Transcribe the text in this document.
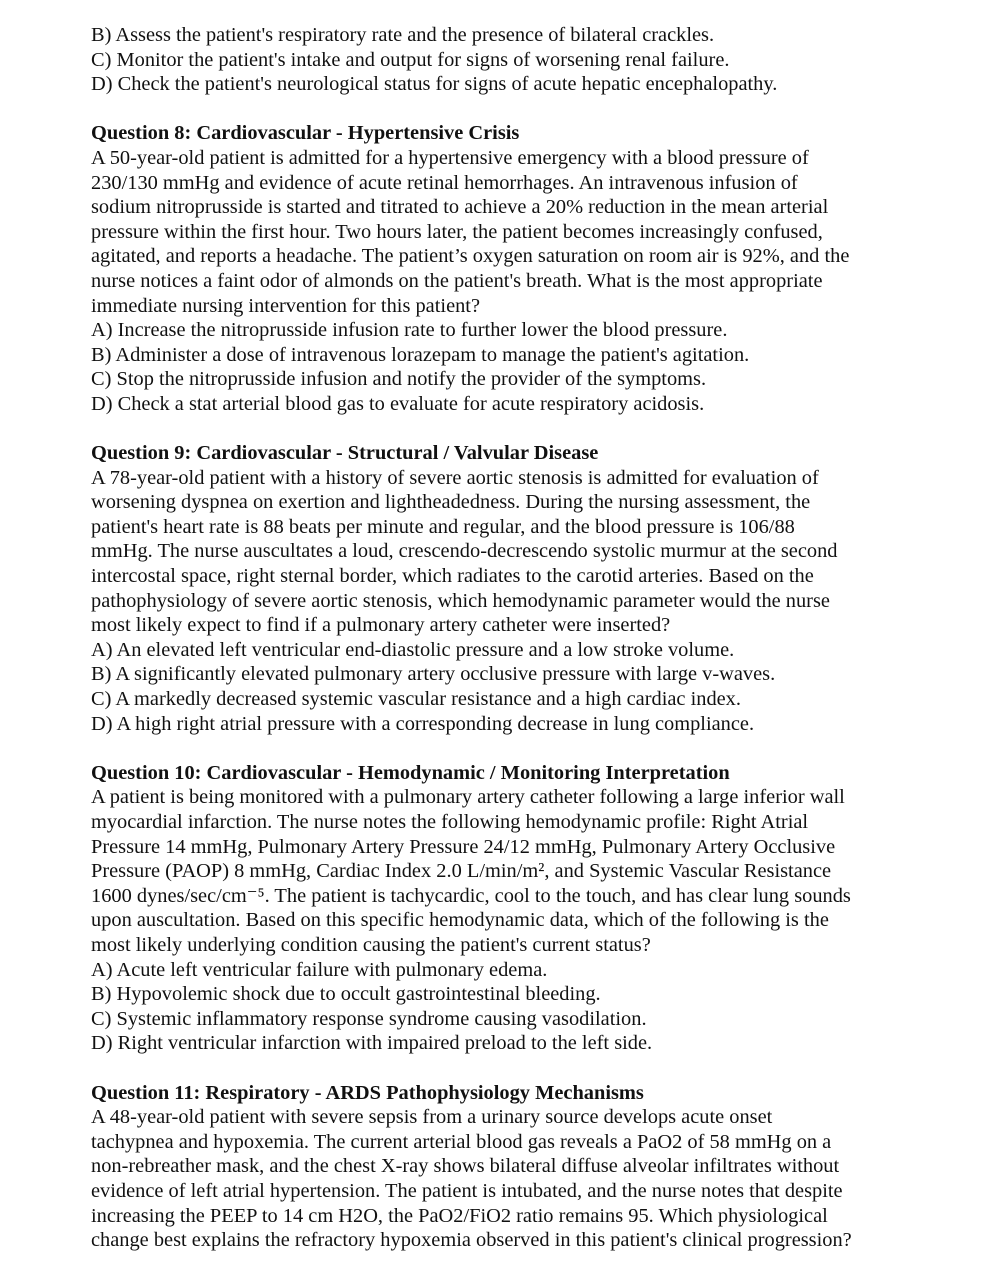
B) Assess the patient's respiratory rate and the presence of bilateral crackles.
C) Monitor the patient's intake and output for signs of worsening renal failure.
D) Check the patient's neurological status for signs of acute hepatic encephalopathy.
Question 8: Cardiovascular - Hypertensive Crisis
A 50-year-old patient is admitted for a hypertensive emergency with a blood pressure of
230/130 mmHg and evidence of acute retinal hemorrhages. An intravenous infusion of
sodium nitroprusside is started and titrated to achieve a 20% reduction in the mean arterial
pressure within the first hour. Two hours later, the patient becomes increasingly confused,
agitated, and reports a headache. The patient’s oxygen saturation on room air is 92%, and the
nurse notices a faint odor of almonds on the patient's breath. What is the most appropriate
immediate nursing intervention for this patient?
A) Increase the nitroprusside infusion rate to further lower the blood pressure.
B) Administer a dose of intravenous lorazepam to manage the patient's agitation.
C) Stop the nitroprusside infusion and notify the provider of the symptoms.
D) Check a stat arterial blood gas to evaluate for acute respiratory acidosis.
Question 9: Cardiovascular - Structural / Valvular Disease
A 78-year-old patient with a history of severe aortic stenosis is admitted for evaluation of
worsening dyspnea on exertion and lightheadedness. During the nursing assessment, the
patient's heart rate is 88 beats per minute and regular, and the blood pressure is 106/88
mmHg. The nurse auscultates a loud, crescendo-decrescendo systolic murmur at the second
intercostal space, right sternal border, which radiates to the carotid arteries. Based on the
pathophysiology of severe aortic stenosis, which hemodynamic parameter would the nurse
most likely expect to find if a pulmonary artery catheter were inserted?
A) An elevated left ventricular end-diastolic pressure and a low stroke volume.
B) A significantly elevated pulmonary artery occlusive pressure with large v-waves.
C) A markedly decreased systemic vascular resistance and a high cardiac index.
D) A high right atrial pressure with a corresponding decrease in lung compliance.
Question 10: Cardiovascular - Hemodynamic / Monitoring Interpretation
A patient is being monitored with a pulmonary artery catheter following a large inferior wall
myocardial infarction. The nurse notes the following hemodynamic profile: Right Atrial
Pressure 14 mmHg, Pulmonary Artery Pressure 24/12 mmHg, Pulmonary Artery Occlusive
Pressure (PAOP) 8 mmHg, Cardiac Index 2.0 L/min/m², and Systemic Vascular Resistance
1600 dynes/sec/cm⁻⁵. The patient is tachycardic, cool to the touch, and has clear lung sounds
upon auscultation. Based on this specific hemodynamic data, which of the following is the
most likely underlying condition causing the patient's current status?
A) Acute left ventricular failure with pulmonary edema.
B) Hypovolemic shock due to occult gastrointestinal bleeding.
C) Systemic inflammatory response syndrome causing vasodilation.
D) Right ventricular infarction with impaired preload to the left side.
Question 11: Respiratory - ARDS Pathophysiology Mechanisms
A 48-year-old patient with severe sepsis from a urinary source develops acute onset
tachypnea and hypoxemia. The current arterial blood gas reveals a PaO2 of 58 mmHg on a
non-rebreather mask, and the chest X-ray shows bilateral diffuse alveolar infiltrates without
evidence of left atrial hypertension. The patient is intubated, and the nurse notes that despite
increasing the PEEP to 14 cm H2O, the PaO2/FiO2 ratio remains 95. Which physiological
change best explains the refractory hypoxemia observed in this patient's clinical progression?
